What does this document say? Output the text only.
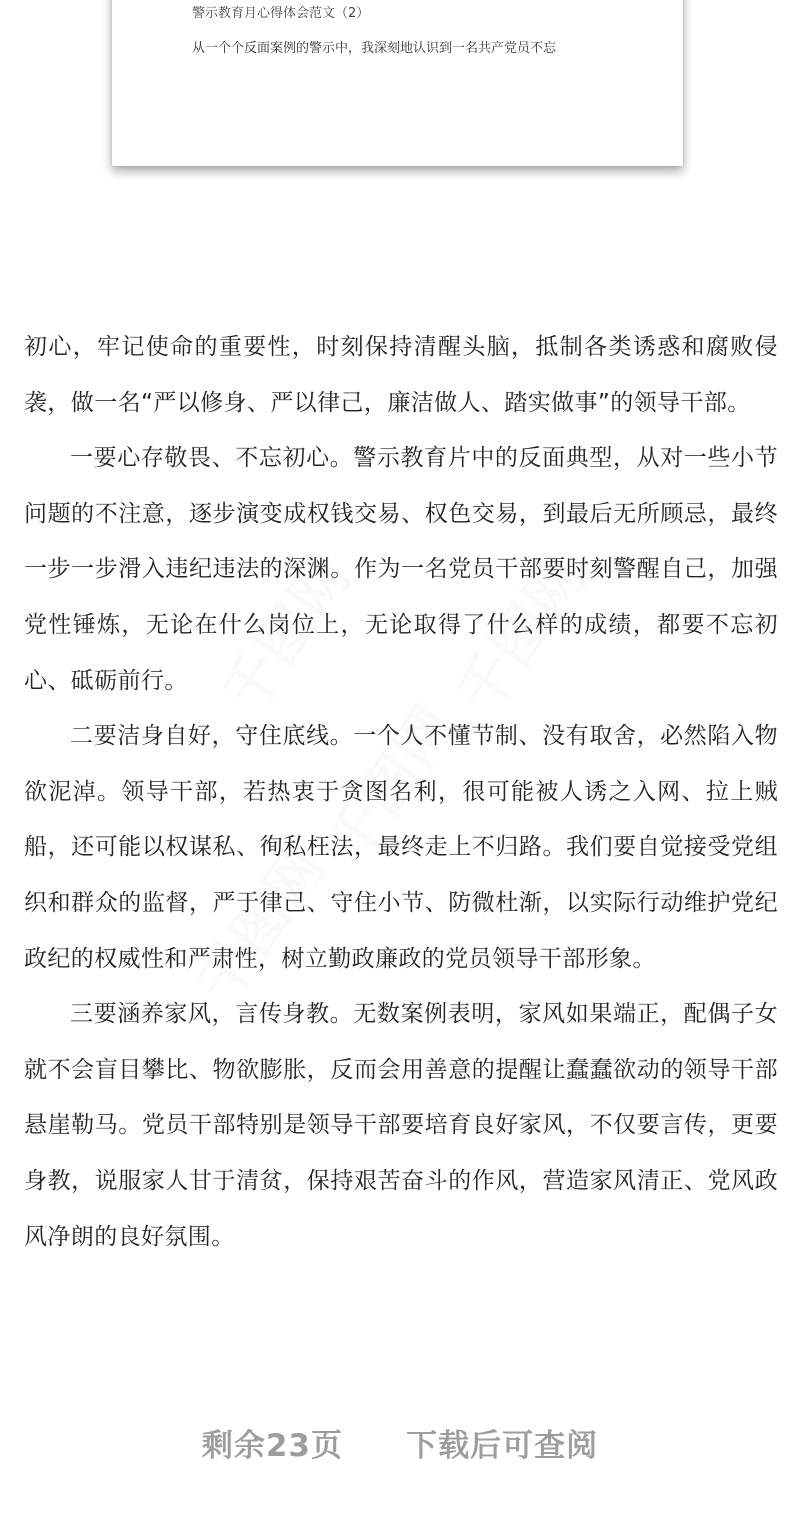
警示教育月心得体会范文（2）
从一个个反面案例的警示中，我深刻地认识到一名共产党员不忘
千图网 千图网
千图网
千图网

初心，牢记使命的重要性，时刻保持清醒头脑，抵制各类诱惑和腐败侵袭，做一名“严以修身、严以律己，廉洁做人、踏实做事”的领导干部。

一要心存敬畏、不忘初心。警示教育片中的反面典型，从对一些小节问题的不注意，逐步演变成权钱交易、权色交易，到最后无所顾忌，最终一步一步滑入违纪违法的深渊。作为一名党员干部要时刻警醒自己，加强党性锤炼，无论在什么岗位上，无论取得了什么样的成绩，都要不忘初心、砥砺前行。

二要洁身自好，守住底线。一个人不懂节制、没有取舍，必然陷入物欲泥淖。领导干部，若热衷于贪图名利，很可能被人诱之入网、拉上贼船，还可能以权谋私、徇私枉法，最终走上不归路。我们要自觉接受党组织和群众的监督，严于律己、守住小节、防微杜渐，以实际行动维护党纪政纪的权威性和严肃性，树立勤政廉政的党员领导干部形象。

三要涵养家风，言传身教。无数案例表明，家风如果端正，配偶子女就不会盲目攀比、物欲膨胀，反而会用善意的提醒让蠢蠢欲动的领导干部悬崖勒马。党员干部特别是领导干部要培育良好家风，不仅要言传，更要身教，说服家人甘于清贫，保持艰苦奋斗的作风，营造家风清正、党风政风净朗的良好氛围。

剩余23页 下载后可查阅
